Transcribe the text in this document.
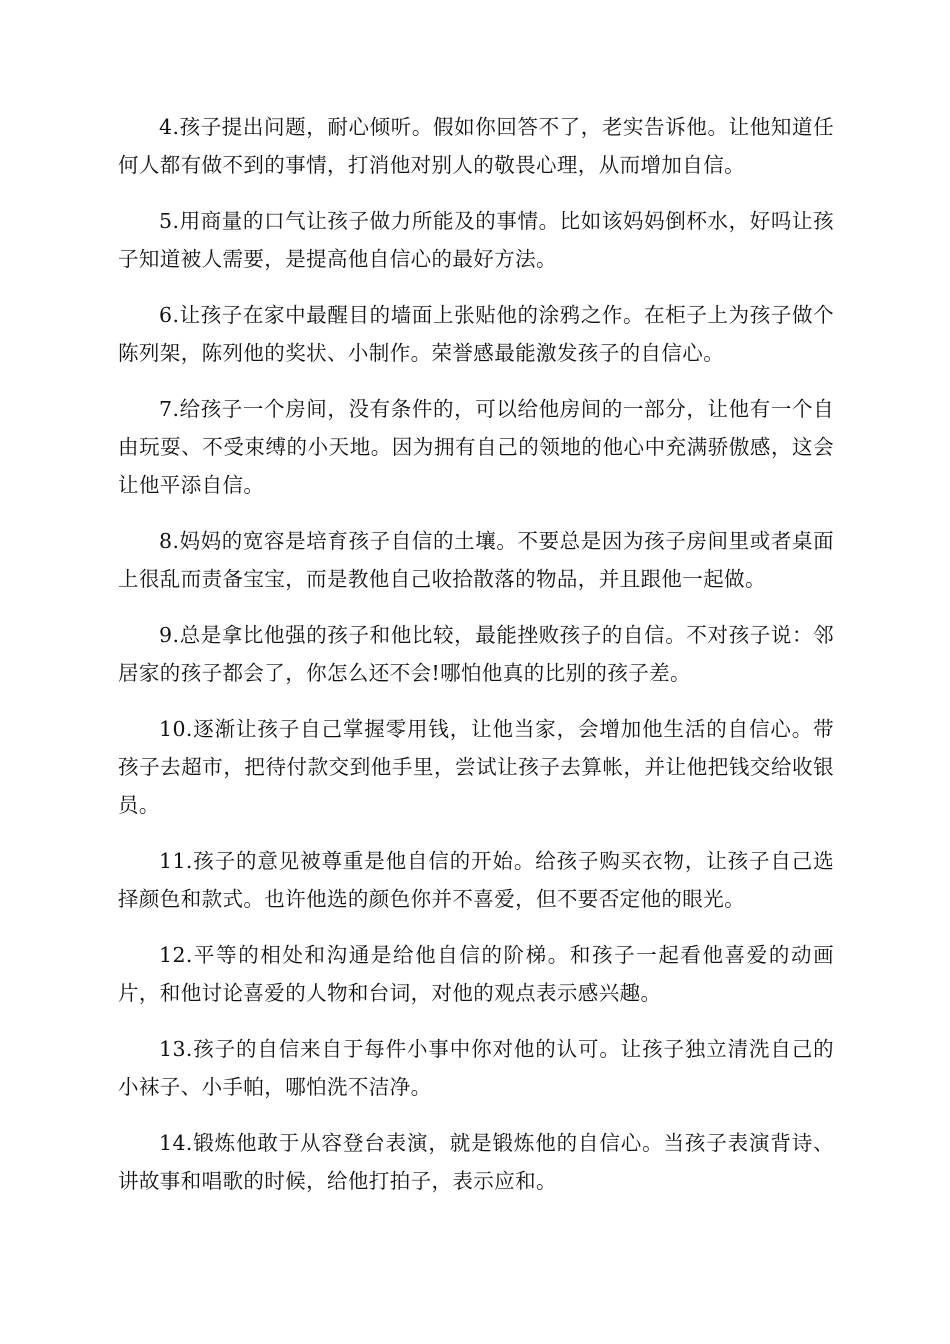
4.孩子提出问题，耐心倾听。假如你回答不了，老实告诉他。让他知道任何人都有做不到的事情，打消他对别人的敬畏心理，从而增加自信。

5.用商量的口气让孩子做力所能及的事情。比如该妈妈倒杯水，好吗让孩子知道被人需要，是提高他自信心的最好方法。

6.让孩子在家中最醒目的墙面上张贴他的涂鸦之作。在柜子上为孩子做个陈列架，陈列他的奖状、小制作。荣誉感最能激发孩子的自信心。

7.给孩子一个房间，没有条件的，可以给他房间的一部分，让他有一个自由玩耍、不受束缚的小天地。因为拥有自己的领地的他心中充满骄傲感，这会让他平添自信。

8.妈妈的宽容是培育孩子自信的土壤。不要总是因为孩子房间里或者桌面上很乱而责备宝宝，而是教他自己收拾散落的物品，并且跟他一起做。

9.总是拿比他强的孩子和他比较，最能挫败孩子的自信。不对孩子说：邻居家的孩子都会了，你怎么还不会!哪怕他真的比别的孩子差。

10.逐渐让孩子自己掌握零用钱，让他当家，会增加他生活的自信心。带孩子去超市，把待付款交到他手里，尝试让孩子去算帐，并让他把钱交给收银员。

11.孩子的意见被尊重是他自信的开始。给孩子购买衣物，让孩子自己选择颜色和款式。也许他选的颜色你并不喜爱，但不要否定他的眼光。

12.平等的相处和沟通是给他自信的阶梯。和孩子一起看他喜爱的动画片，和他讨论喜爱的人物和台词，对他的观点表示感兴趣。

13.孩子的自信来自于每件小事中你对他的认可。让孩子独立清洗自己的小袜子、小手帕，哪怕洗不洁净。

14.锻炼他敢于从容登台表演，就是锻炼他的自信心。当孩子表演背诗、讲故事和唱歌的时候，给他打拍子，表示应和。
